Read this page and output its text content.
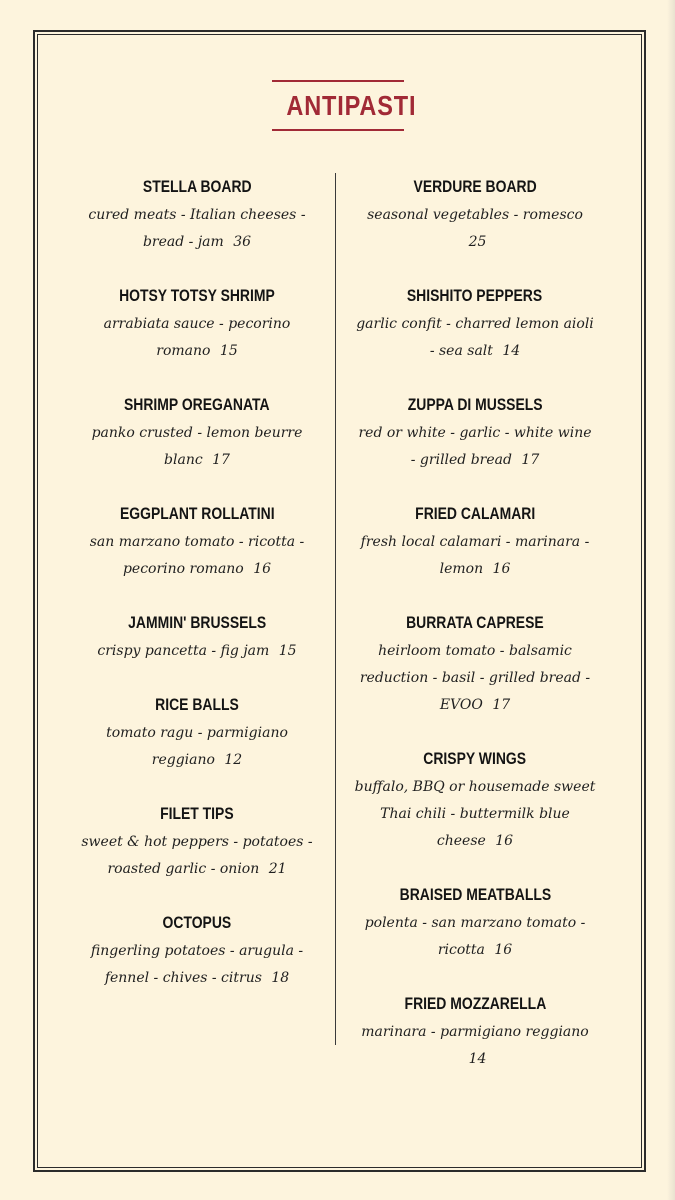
ANTIPASTI
STELLA BOARD
cured meats - Italian cheeses - bread - jam 36
HOTSY TOTSY SHRIMP
arrabiata sauce - pecorino romano 15
SHRIMP OREGANATA
panko crusted - lemon beurre blanc 17
EGGPLANT ROLLATINI
san marzano tomato - ricotta - pecorino romano 16
JAMMIN' BRUSSELS
crispy pancetta - fig jam 15
RICE BALLS
tomato ragu - parmigiano reggiano 12
FILET TIPS
sweet & hot peppers - potatoes - roasted garlic - onion 21
OCTOPUS
fingerling potatoes - arugula - fennel - chives - citrus 18
VERDURE BOARD
seasonal vegetables - romesco 25
SHISHITO PEPPERS
garlic confit - charred lemon aioli - sea salt 14
ZUPPA DI MUSSELS
red or white - garlic - white wine - grilled bread 17
FRIED CALAMARI
fresh local calamari - marinara - lemon 16
BURRATA CAPRESE
heirloom tomato - balsamic reduction - basil - grilled bread - EVOO 17
CRISPY WINGS
buffalo, BBQ or housemade sweet Thai chili - buttermilk blue cheese 16
BRAISED MEATBALLS
polenta - san marzano tomato - ricotta 16
FRIED MOZZARELLA
marinara - parmigiano reggiano 14
